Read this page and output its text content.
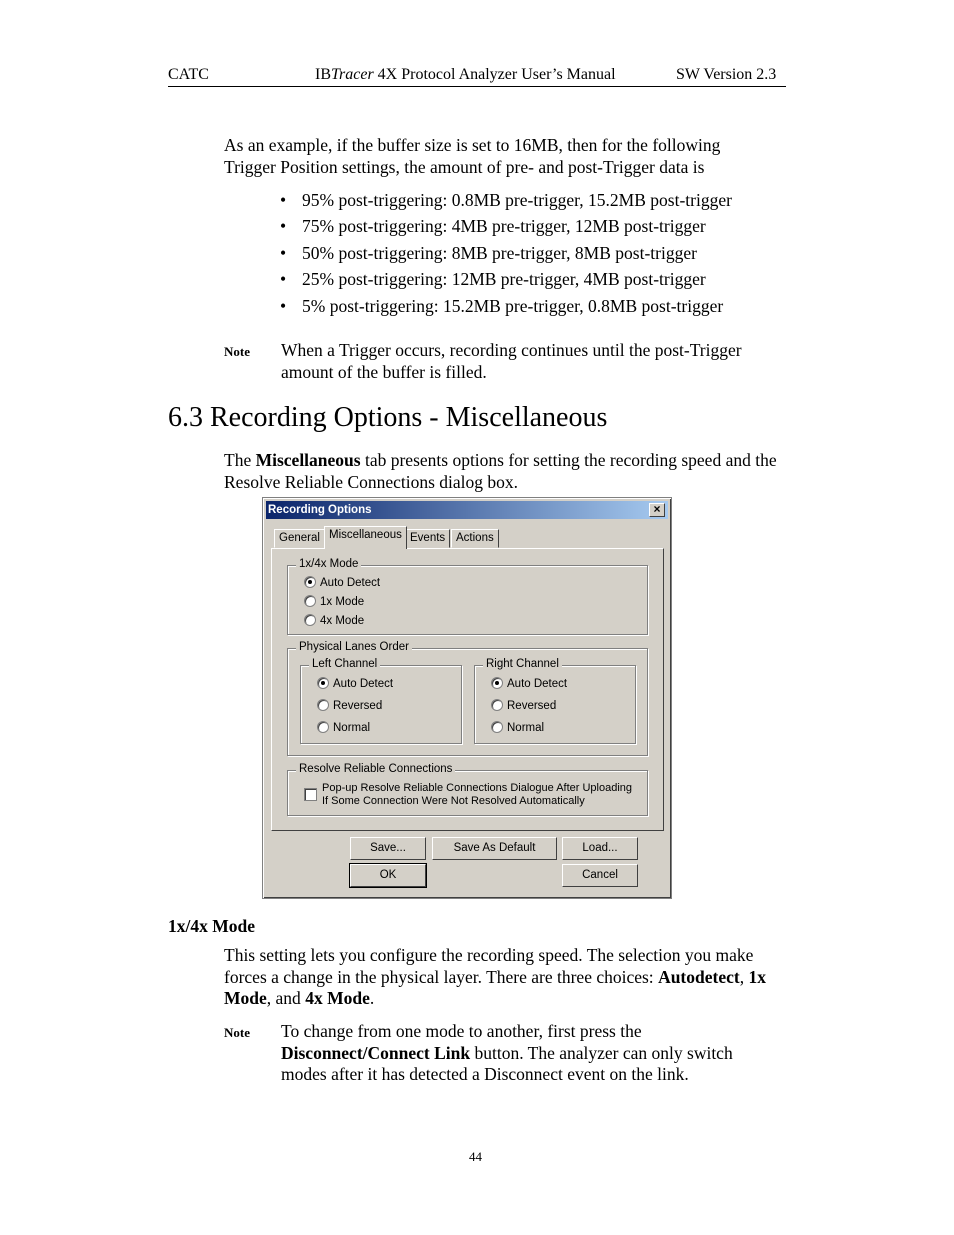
CATC	IBTracer 4X Protocol Analyzer User’s Manual	SW Version 2.3
As an example, if the buffer size is set to 16MB, then for the following Trigger Position settings, the amount of pre- and post-Trigger data is
• 95% post-triggering: 0.8MB pre-trigger, 15.2MB post-trigger
• 75% post-triggering: 4MB pre-trigger, 12MB post-trigger
• 50% post-triggering: 8MB pre-trigger, 8MB post-trigger
• 25% post-triggering: 12MB pre-trigger, 4MB post-trigger
• 5% post-triggering: 15.2MB pre-trigger, 0.8MB post-trigger
Note When a Trigger occurs, recording continues until the post-Trigger amount of the buffer is filled.
6.3 Recording Options - Miscellaneous
The Miscellaneous tab presents options for setting the recording speed and the Resolve Reliable Connections dialog box.
Recording Options	×
General Miscellaneous Events Actions
1x/4x Mode
Auto Detect
1x Mode
4x Mode
Physical Lanes Order
Left Channel
Auto Detect
Reversed
Normal
Right Channel
Auto Detect
Reversed
Normal
Resolve Reliable Connections
Pop-up Resolve Reliable Connections Dialogue After Uploading
If Some Connection Were Not Resolved Automatically
Save...	Save As Default	Load...
OK	Cancel
1x/4x Mode
This setting lets you configure the recording speed. The selection you make forces a change in the physical layer. There are three choices: Autodetect, 1x Mode, and 4x Mode.
Note To change from one mode to another, first press the Disconnect/Connect Link button. The analyzer can only switch modes after it has detected a Disconnect event on the link.
44
